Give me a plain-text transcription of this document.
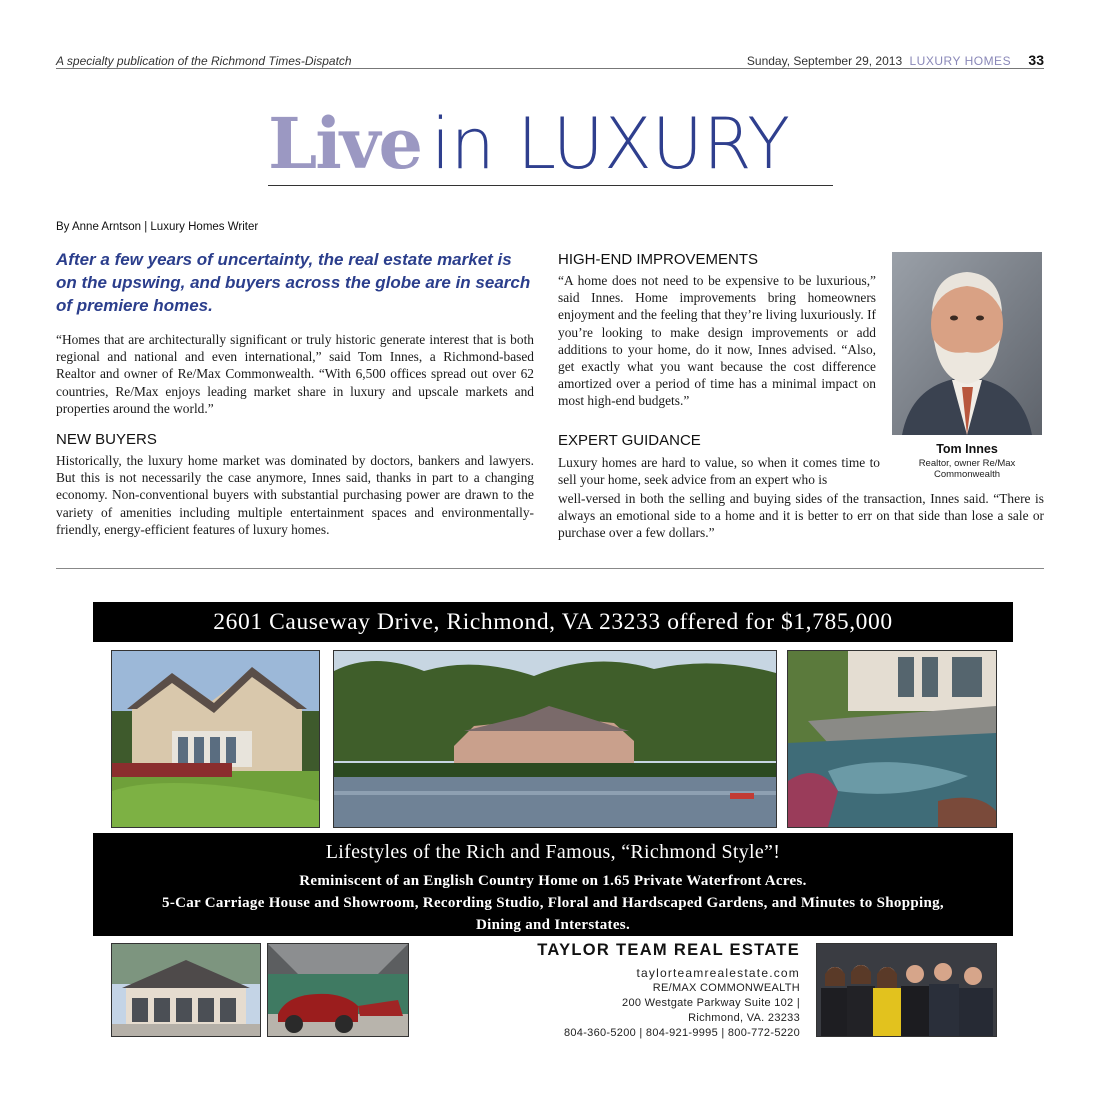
A specialty publication of the Richmond Times-Dispatch	Sunday, September 29, 2013 LUXURY HOMES 33
Live in LUXURY
By Anne Arntson | Luxury Homes Writer
After a few years of uncertainty, the real estate market is on the upswing, and buyers across the globe are in search of premiere homes.
“Homes that are architecturally significant or truly historic generate interest that is both regional and national and even international,” said Tom Innes, a Richmond-based Realtor and owner of Re/Max Commonwealth. “With 6,500 offices spread out over 62 countries, Re/Max enjoys leading market share in luxury and upscale markets and properties around the world.”
NEW BUYERS
Historically, the luxury home market was dominated by doctors, bankers and lawyers. But this is not necessarily the case anymore, Innes said, thanks in part to a changing economy. Non-conventional buyers with substantial purchasing power are drawn to the variety of amenities including multiple entertainment spaces and environmentally-friendly, energy-efficient features of luxury homes.
HIGH-END IMPROVEMENTS
“A home does not need to be expensive to be luxurious,” said Innes. Home improvements bring homeowners enjoyment and the feeling that they’re living luxuriously. If you’re looking to make design improvements or add additions to your home, do it now, Innes advised. “Also, get exactly what you want because the cost difference amortized over a period of time has a minimal impact on most high-end budgets.”
EXPERT GUIDANCE
Luxury homes are hard to value, so when it comes time to sell your home, seek advice from an expert who is
well-versed in both the selling and buying sides of the transaction, Innes said. “There is always an emotional side to a home and it is better to err on that side than lose a sale or purchase over a few dollars.”
Tom Innes
Realtor, owner Re/Max
Commonwealth
2601 Causeway Drive, Richmond, VA 23233 offered for $1,785,000
Lifestyles of the Rich and Famous, “Richmond Style”!
Reminiscent of an English Country Home on 1.65 Private Waterfront Acres.
5-Car Carriage House and Showroom, Recording Studio, Floral and Hardscaped Gardens, and Minutes to Shopping, Dining and Interstates.
TAYLOR TEAM REAL ESTATE
taylorteamrealestate.com
RE/MAX COMMONWEALTH
200 Westgate Parkway Suite 102 |
Richmond, VA. 23233
804-360-5200 | 804-921-9995 | 800-772-5220
